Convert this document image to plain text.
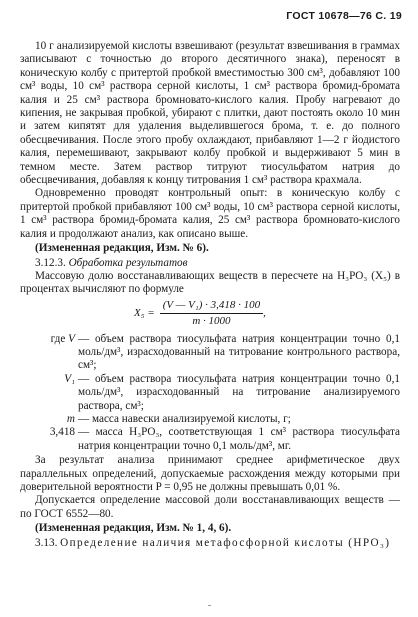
ГОСТ 10678—76 С. 19

10 г анализируемой кислоты взвешивают (результат взвешивания в граммах записывают с точностью до второго десятичного знака), переносят в коническую колбу с притертой пробкой вместимостью 300 см³, добавляют 100 см³ воды, 10 см³ раствора серной кислоты, 1 см³ раствора бромид-бромата калия и 25 см³ раствора бромновато-кислого калия. Пробу нагревают до кипения, не закрывая пробкой, убирают с плитки, дают постоять около 10 мин и затем кипятят для удаления выделившегося брома, т. е. до полного обесцвечивания. После этого пробу охлаждают, прибавляют 1—2 г йодистого калия, перемешивают, закрывают колбу пробкой и выдерживают 5 мин в темном месте. Затем раствор титруют тиосульфатом натрия до обесцвечивания, добавляя к концу титрования 1 см³ раствора крахмала.

Одновременно проводят контрольный опыт: в коническую колбу с притертой пробкой прибавляют 100 см³ воды, 10 см³ раствора серной кислоты, 1 см³ раствора бромид-бромата калия, 25 см³ раствора бромновато-кислого калия и продолжают анализ, как описано выше.

(Измененная редакция, Изм. № 6).

3.12.3. Обработка результатов

Массовую долю восстанавливающих веществ в пересчете на H₃PO₃ (X₅) в процентах вычисляют по формуле

$X_5 = \frac{\text{(V — V₁) · 3,418 · 100}}{m \cdot 1000}$ ,
где V — объем раствора тиосульфата натрия концентрации точно 0,1 моль/дм³, израсходованный на титрование контрольного раствора, см³;
V₁ — объем раствора тиосульфата натрия концентрации точно 0,1 моль/дм³, израсходованный на титрование анализируемого раствора, см³;
m — масса навески анализируемой кислоты, г;
3,418 — масса H₃PO₃, соответствующая 1 см³ раствора тиосульфата натрия концентрации точно 0,1 моль/дм³, мг.

За результат анализа принимают среднее арифметическое двух параллельных определений, допускаемые расхождения между которыми при доверительной вероятности P = 0,95 не должны превышать 0,01 %.

Допускается определение массовой доли восстанавливающих веществ — по ГОСТ 6552—80.

(Измененная редакция, Изм. № 1, 4, 6).

3.13. Определение наличия метафосфорной кислоты (HPO₃)
